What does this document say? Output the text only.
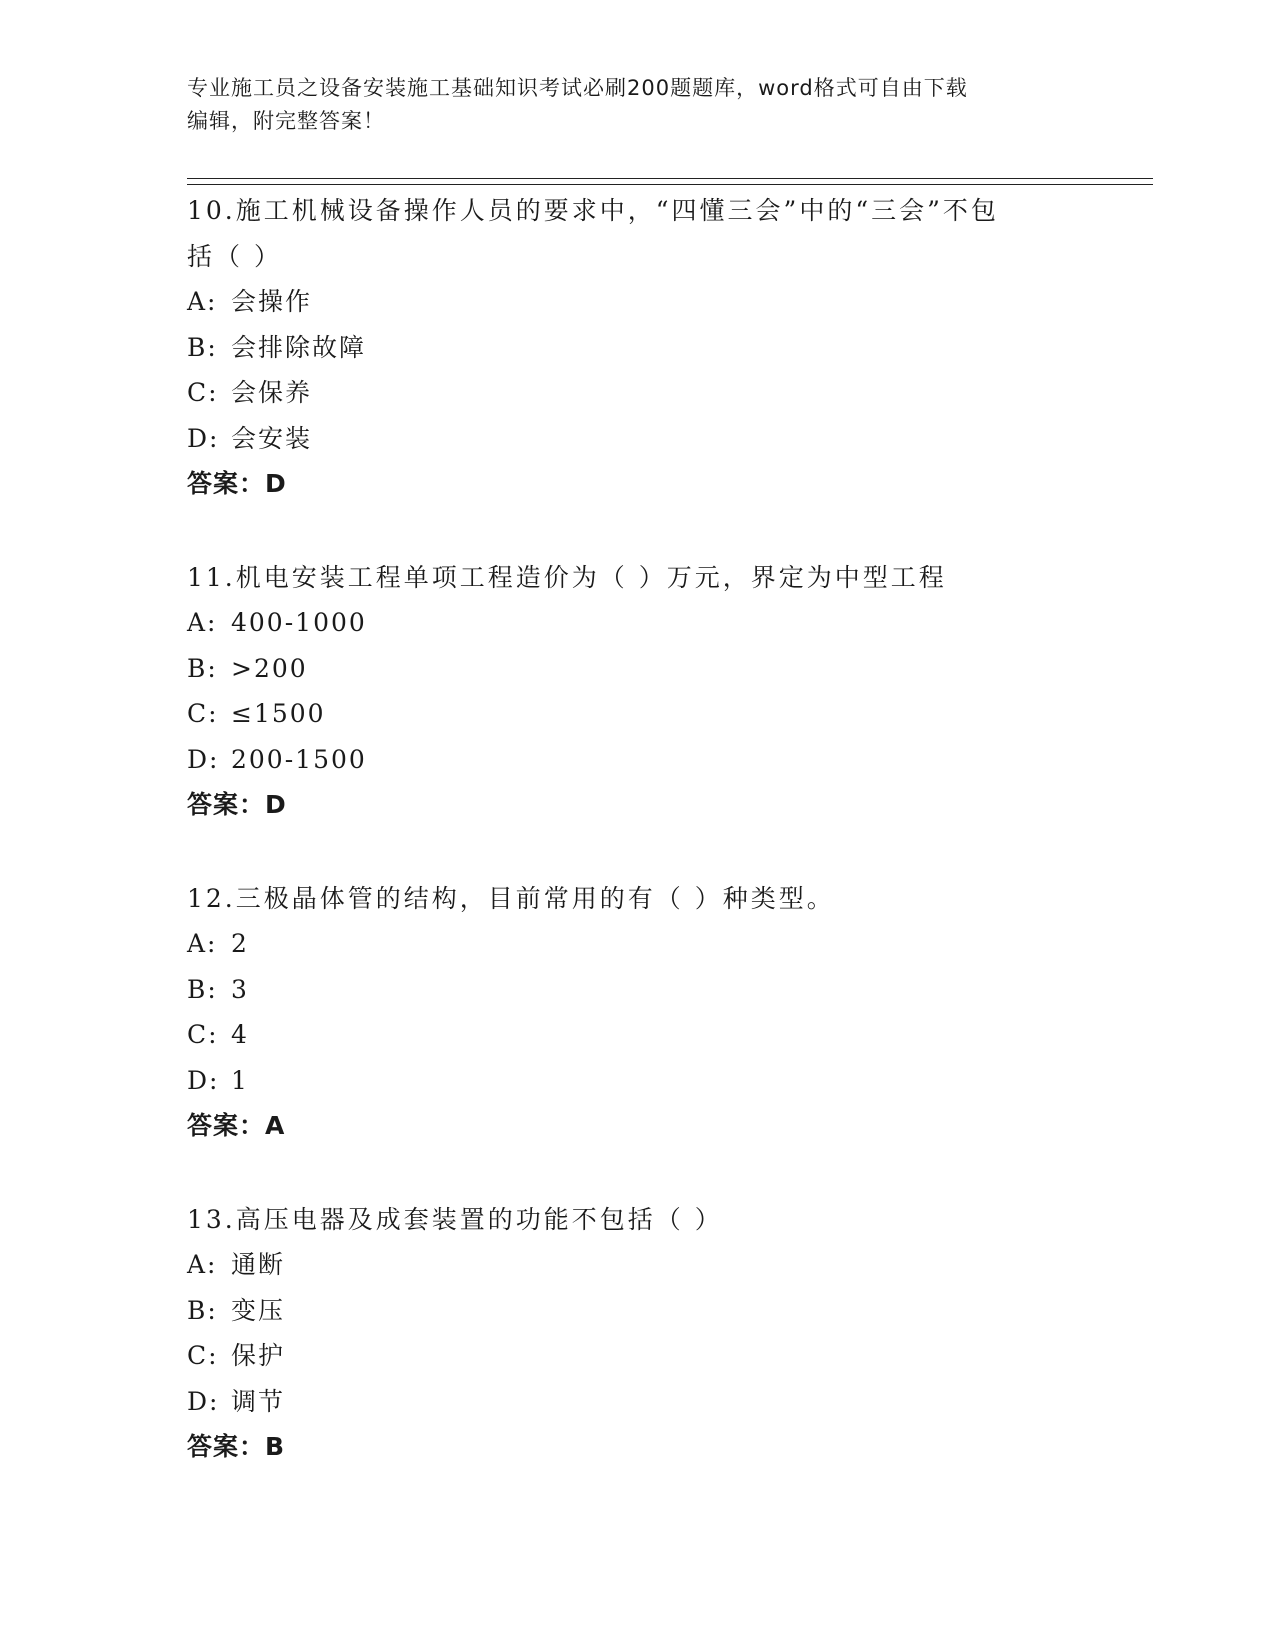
专业施工员之设备安装施工基础知识考试必刷200题题库，word格式可自由下载
编辑，附完整答案！
10.施工机械设备操作人员的要求中，“四懂三会”中的“三会”不包
括（ ）
A: 会操作
B: 会排除故障
C: 会保养
D: 会安装
答案：D
11.机电安装工程单项工程造价为（ ）万元，界定为中型工程
A: 400-1000
B: >200
C: ≤1500
D: 200-1500
答案：D
12.三极晶体管的结构，目前常用的有（ ）种类型。
A: 2
B: 3
C: 4
D: 1
答案：A
13.高压电器及成套装置的功能不包括（ ）
A: 通断
B: 变压
C: 保护
D: 调节
答案：B
